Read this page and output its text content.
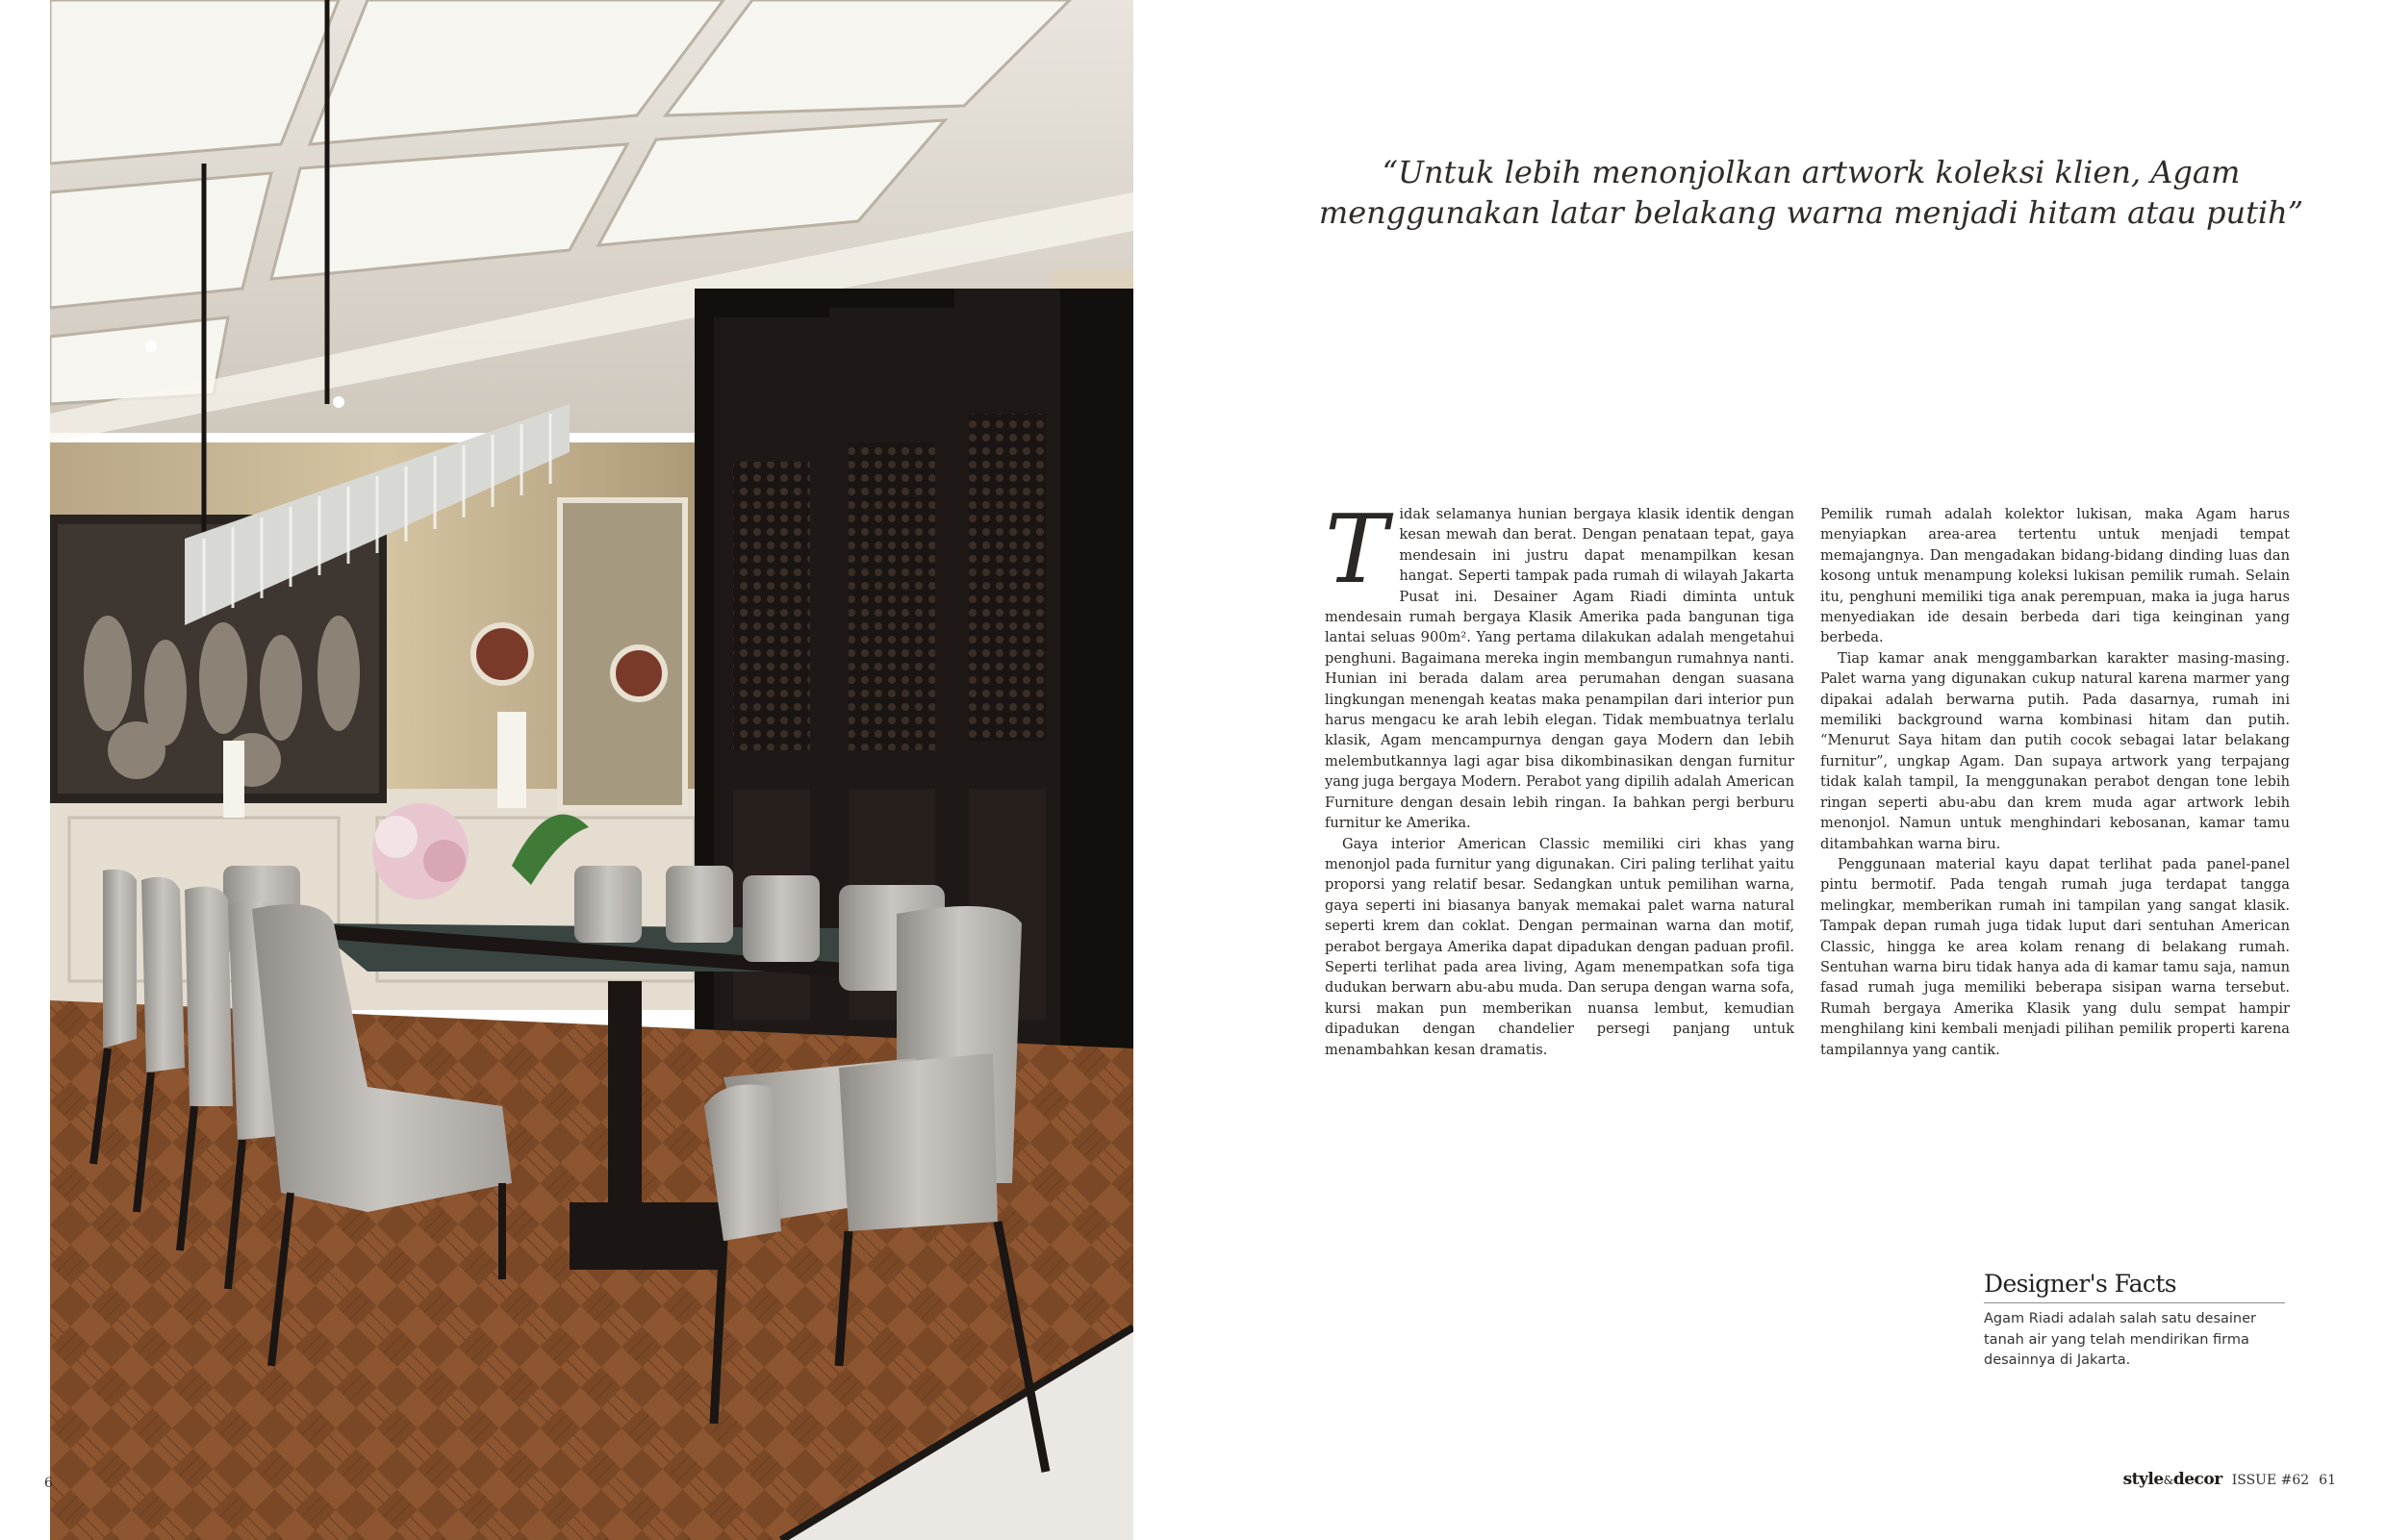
6

“Untuk lebih menonjolkan artwork koleksi klien, Agam
menggunakan latar belakang warna menjadi hitam atau putih”

T idak selamanya hunian bergaya klasik identik dengan kesan mewah dan berat. Dengan penataan tepat, gaya mendesain ini justru dapat menampilkan kesan hangat. Seperti tampak pada rumah di wilayah Jakarta Pusat ini. Desainer Agam Riadi diminta untuk mendesain rumah bergaya Klasik Amerika pada bangunan tiga lantai seluas 900m². Yang pertama dilakukan adalah mengetahui penghuni. Bagaimana mereka ingin membangun rumahnya nanti. Hunian ini berada dalam area perumahan dengan suasana lingkungan menengah keatas maka penampilan dari interior pun harus mengacu ke arah lebih elegan. Tidak membuatnya terlalu klasik, Agam mencampurnya dengan gaya Modern dan lebih melembutkannya lagi agar bisa dikombinasikan dengan furnitur yang juga bergaya Modern. Perabot yang dipilih adalah American Furniture dengan desain lebih ringan. Ia bahkan pergi berburu furnitur ke Amerika.

Gaya interior American Classic memiliki ciri khas yang menonjol pada furnitur yang digunakan. Ciri paling terlihat yaitu proporsi yang relatif besar. Sedangkan untuk pemilihan warna, gaya seperti ini biasanya banyak memakai palet warna natural seperti krem dan coklat. Dengan permainan warna dan motif, perabot bergaya Amerika dapat dipadukan dengan paduan profil. Seperti terlihat pada area living, Agam menempatkan sofa tiga dudukan berwarn abu-abu muda. Dan serupa dengan warna sofa, kursi makan pun memberikan nuansa lembut, kemudian dipadukan dengan chandelier persegi panjang untuk menambahkan kesan dramatis.

Pemilik rumah adalah kolektor lukisan, maka Agam harus menyiapkan area-area tertentu untuk menjadi tempat memajangnya. Dan mengadakan bidang-bidang dinding luas dan kosong untuk menampung koleksi lukisan pemilik rumah. Selain itu, penghuni memiliki tiga anak perempuan, maka ia juga harus menyediakan ide desain berbeda dari tiga keinginan yang berbeda.

Tiap kamar anak menggambarkan karakter masing-masing. Palet warna yang digunakan cukup natural karena marmer yang dipakai adalah berwarna putih. Pada dasarnya, rumah ini memiliki background warna kombinasi hitam dan putih. “Menurut Saya hitam dan putih cocok sebagai latar belakang furnitur”, ungkap Agam. Dan supaya artwork yang terpajang tidak kalah tampil, Ia menggunakan perabot dengan tone lebih ringan seperti abu-abu dan krem muda agar artwork lebih menonjol. Namun untuk menghindari kebosanan, kamar tamu ditambahkan warna biru.

Penggunaan material kayu dapat terlihat pada panel-panel pintu bermotif. Pada tengah rumah juga terdapat tangga melingkar, memberikan rumah ini tampilan yang sangat klasik. Tampak depan rumah juga tidak luput dari sentuhan American Classic, hingga ke area kolam renang di belakang rumah. Sentuhan warna biru tidak hanya ada di kamar tamu saja, namun fasad rumah juga memiliki beberapa sisipan warna tersebut. Rumah bergaya Amerika Klasik yang dulu sempat hampir menghilang kini kembali menjadi pilihan pemilik properti karena tampilannya yang cantik.

Designer's Facts

Agam Riadi adalah salah satu desainer tanah air yang telah mendirikan firma desainnya di Jakarta.

style&decor ISSUE #62 61
